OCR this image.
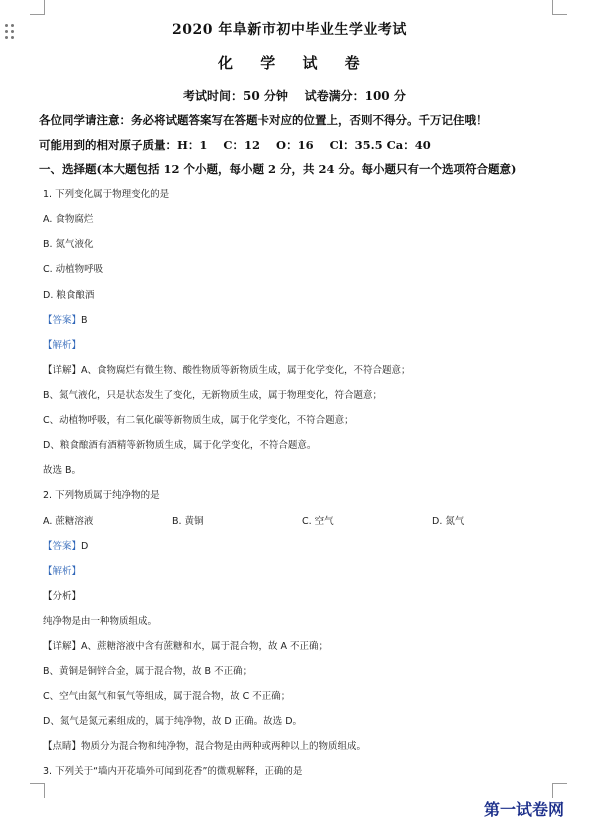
2020 年阜新市初中毕业生学业考试
化 学 试 卷
考试时间：50 分钟    试卷满分：100 分
各位同学请注意：务必将试题答案写在答题卡对应的位置上，否则不得分。千万记住哦！
可能用到的相对原子质量：H：1    C：12    O：16    Cl：35.5 Ca：40
一、选择题(本大题包括 12 个小题，每小题 2 分，共 24 分。每小题只有一个选项符合题意)
1. 下列变化属于物理变化的是
A. 食物腐烂
B. 氮气液化
C. 动植物呼吸
D. 粮食酿酒
【答案】B
【解析】
【详解】A、食物腐烂有微生物、酸性物质等新物质生成，属于化学变化，不符合题意；
B、氮气液化，只是状态发生了变化，无新物质生成，属于物理变化，符合题意；
C、动植物呼吸，有二氧化碳等新物质生成，属于化学变化，不符合题意；
D、粮食酿酒有酒精等新物质生成，属于化学变化，不符合题意。
故选 B。
2. 下列物质属于纯净物的是
A. 蔗糖溶液	B. 黄铜	C. 空气	D. 氮气
【答案】D
【解析】
【分析】
纯净物是由一种物质组成。
【详解】A、蔗糖溶液中含有蔗糖和水，属于混合物，故 A 不正确；
B、黄铜是铜锌合金，属于混合物，故 B 不正确；
C、空气由氮气和氧气等组成，属于混合物，故 C 不正确；
D、氮气是氮元素组成的，属于纯净物，故 D 正确。故选 D。
【点睛】物质分为混合物和纯净物，混合物是由两种或两种以上的物质组成。
3. 下列关于“墙内开花墙外可闻到花香”的微观解释，正确的是
第一试卷网
